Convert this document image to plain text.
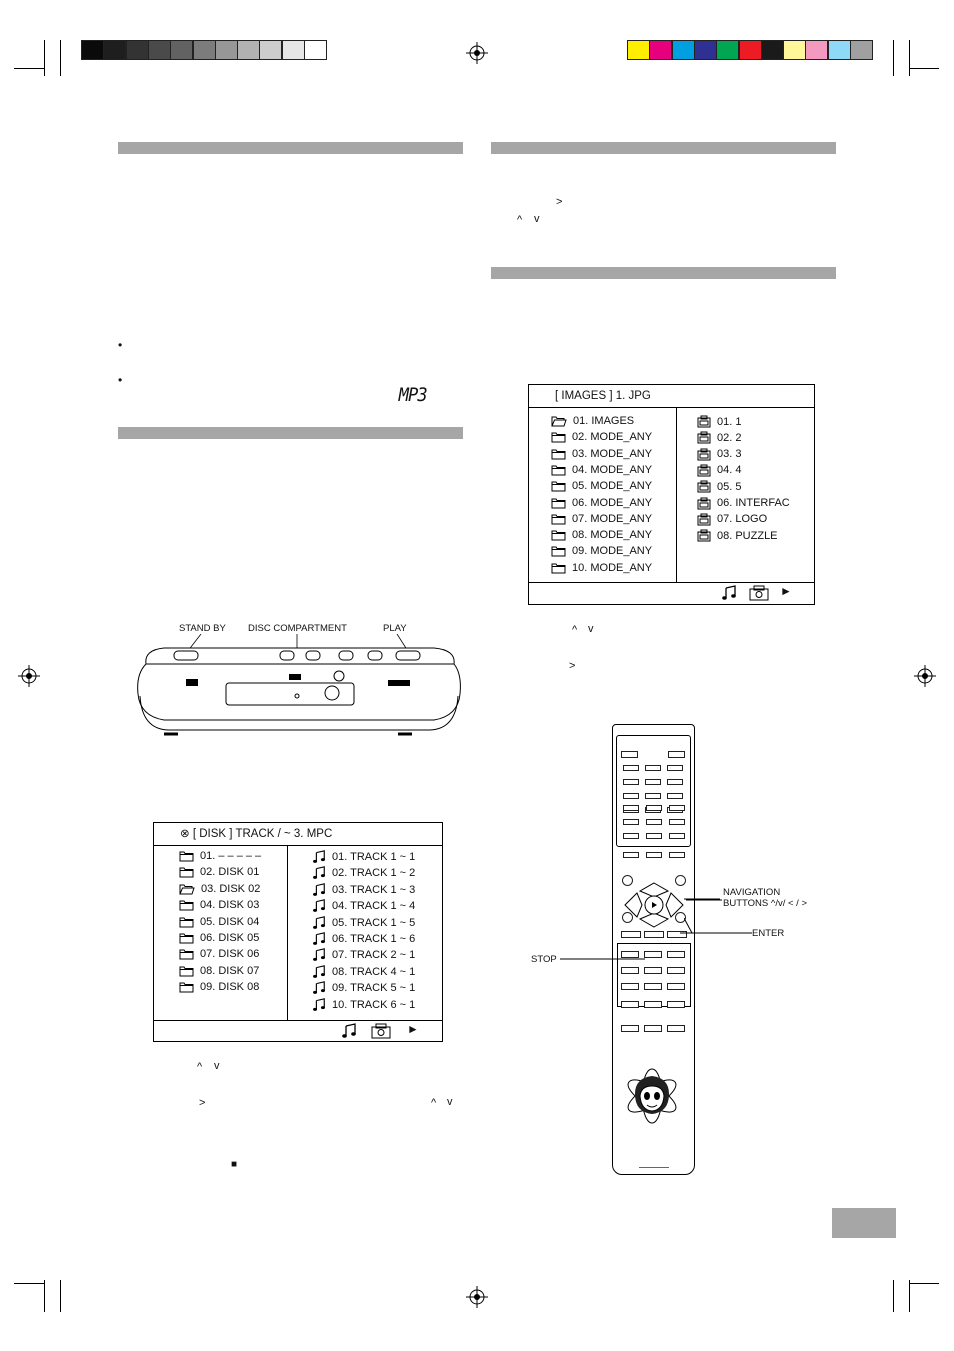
•
•
MP3
>
^ v
STAND BY DISC COMPARTMENT	PLAY
⊗ [ DISK ] TRACK / ~ 3. MPC
01. – – – – –
02. DISK 01
03. DISK 02
04. DISK 03
05. DISK 04
06. DISK 05
07. DISK 06
08. DISK 07
09. DISK 08
01. TRACK 1 ~ 1
02. TRACK 1 ~ 2
03. TRACK 1 ~ 3
04. TRACK 1 ~ 4
05. TRACK 1 ~ 5
06. TRACK 1 ~ 6
07. TRACK 2 ~ 1
08. TRACK 4 ~ 1
09. TRACK 5 ~ 1
10. TRACK 6 ~ 1
►
^ v
>	^ v
■
[ IMAGES ] 1. JPG
01. IMAGES
02. MODE_ANY
03. MODE_ANY
04. MODE_ANY
05. MODE_ANY
06. MODE_ANY
07. MODE_ANY
08. MODE_ANY
09. MODE_ANY
10. MODE_ANY
01. 1
02. 2
03. 3
04. 4
05. 5
06. INTERFAC
07. LOGO
08. PUZZLE
►
^ v
>
NAVIGATION
BUTTONS ^/v/ < / >
ENTER
STOP
